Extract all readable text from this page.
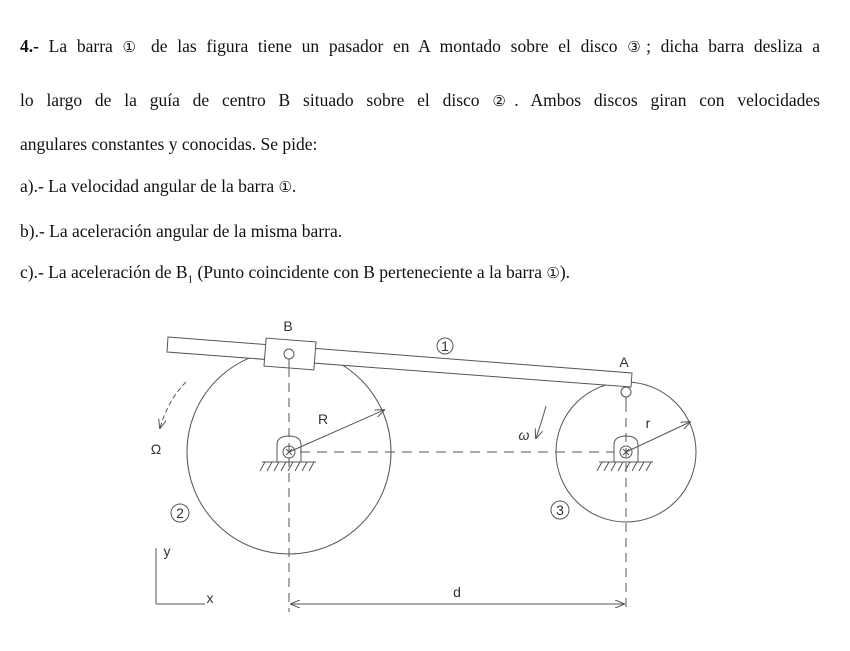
4.- La barra ① de las figura tiene un pasador en A montado sobre el disco ③; dicha barra desliza a
lo largo de la guía de centro B situado sobre el disco ②. Ambos discos giran con velocidades
angulares constantes y conocidas. Se pide:
a).- La velocidad angular de la barra ①.
b).- La aceleración angular de la misma barra.
c).- La aceleración de $B_1$ (Punto coincidente con B perteneciente a la barra ①).
B
A
R	r
Ω
ω
1
2	3
y
x	d
